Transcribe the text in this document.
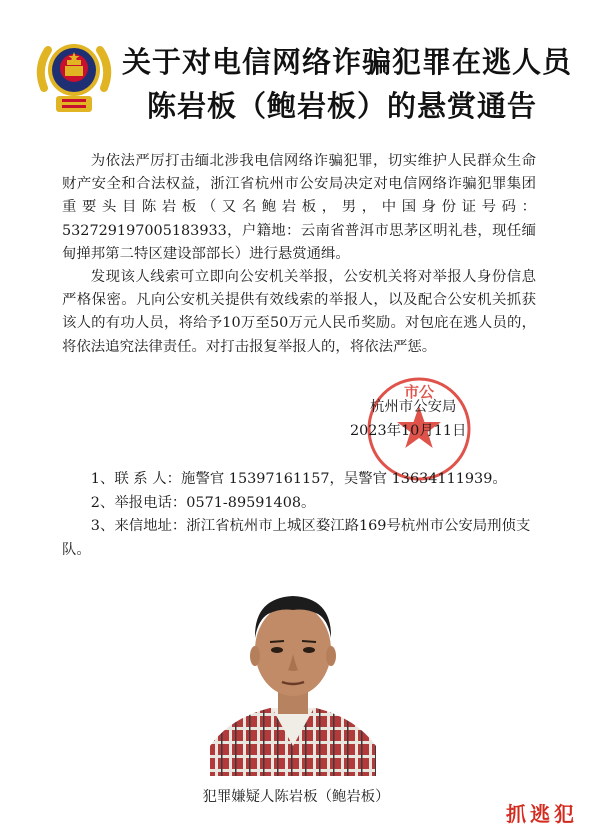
关于对电信网络诈骗犯罪在逃人员
陈岩板（鲍岩板）的悬赏通告

为依法严厉打击缅北涉我电信网络诈骗犯罪，切实维护人民群众生命财产安全和合法权益，浙江省杭州市公安局决定对电信网络诈骗犯罪集团重要头目陈岩板（又名鲍岩板，男，中国身份证号码：532729197005183933，户籍地：云南省普洱市思茅区明礼巷，现任缅甸掸邦第二特区建设部部长）进行悬赏通缉。

发现该人线索可立即向公安机关举报，公安机关将对举报人身份信息严格保密。凡向公安机关提供有效线索的举报人，以及配合公安机关抓获该人的有功人员，将给予10万至50万元人民币奖励。对包庇在逃人员的，将依法追究法律责任。对打击报复举报人的，将依法严惩。

市公
杭州市公安局
2023年10月11日

1、联 系 人：施警官 15397161157，吴警官 13634111939。

2、举报电话：0571-89591408。

3、来信地址：浙江省杭州市上城区婺江路169号杭州市公安局刑侦支队。

犯罪嫌疑人陈岩板（鲍岩板）
抓逃犯
